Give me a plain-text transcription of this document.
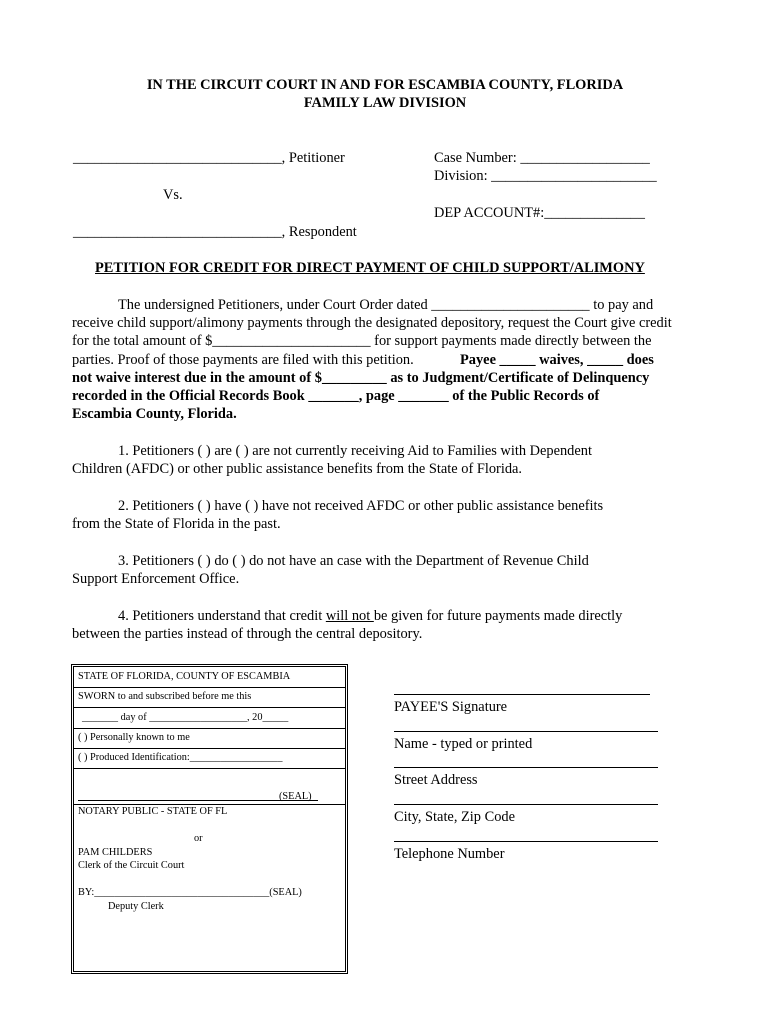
IN THE CIRCUIT COURT IN AND FOR ESCAMBIA COUNTY, FLORIDA
FAMILY LAW DIVISION
_____________________________, Petitioner
Vs.
_____________________________, Respondent
Case Number: __________________
Division: _______________________
DEP ACCOUNT#:______________
PETITION FOR CREDIT FOR DIRECT PAYMENT OF CHILD SUPPORT/ALIMONY
The undersigned Petitioners, under Court Order dated ______________________ to pay and
receive child support/alimony payments through the designated depository, request the Court give credit
for the total amount of $______________________ for support payments made directly between the
parties. Proof of those payments are filed with this petition.	Payee _____ waives, _____ does
not waive interest due in the amount of $_________ as to Judgment/Certificate of Delinquency
recorded in the Official Records Book _______, page _______ of the Public Records of
Escambia County, Florida.
1. Petitioners ( ) are ( ) are not currently receiving Aid to Families with Dependent
Children (AFDC) or other public assistance benefits from the State of Florida.
2. Petitioners ( ) have ( ) have not received AFDC or other public assistance benefits
from the State of Florida in the past.
3. Petitioners ( ) do ( ) do not have an case with the Department of Revenue Child
Support Enforcement Office.
4. Petitioners understand that credit will not be given for future payments made directly
between the parties instead of through the central depository.
STATE OF FLORIDA, COUNTY OF ESCAMBIA
SWORN to and subscribed before me this
_______ day of ___________________, 20_____
( ) Personally known to me
( ) Produced Identification:__________________
(SEAL)
NOTARY PUBLIC - STATE OF FL
or
PAM CHILDERS
Clerk of the Circuit Court
BY:__________________________________(SEAL)
Deputy Clerk
PAYEE'S Signature
Name - typed or printed
Street Address
City, State, Zip Code
Telephone Number
